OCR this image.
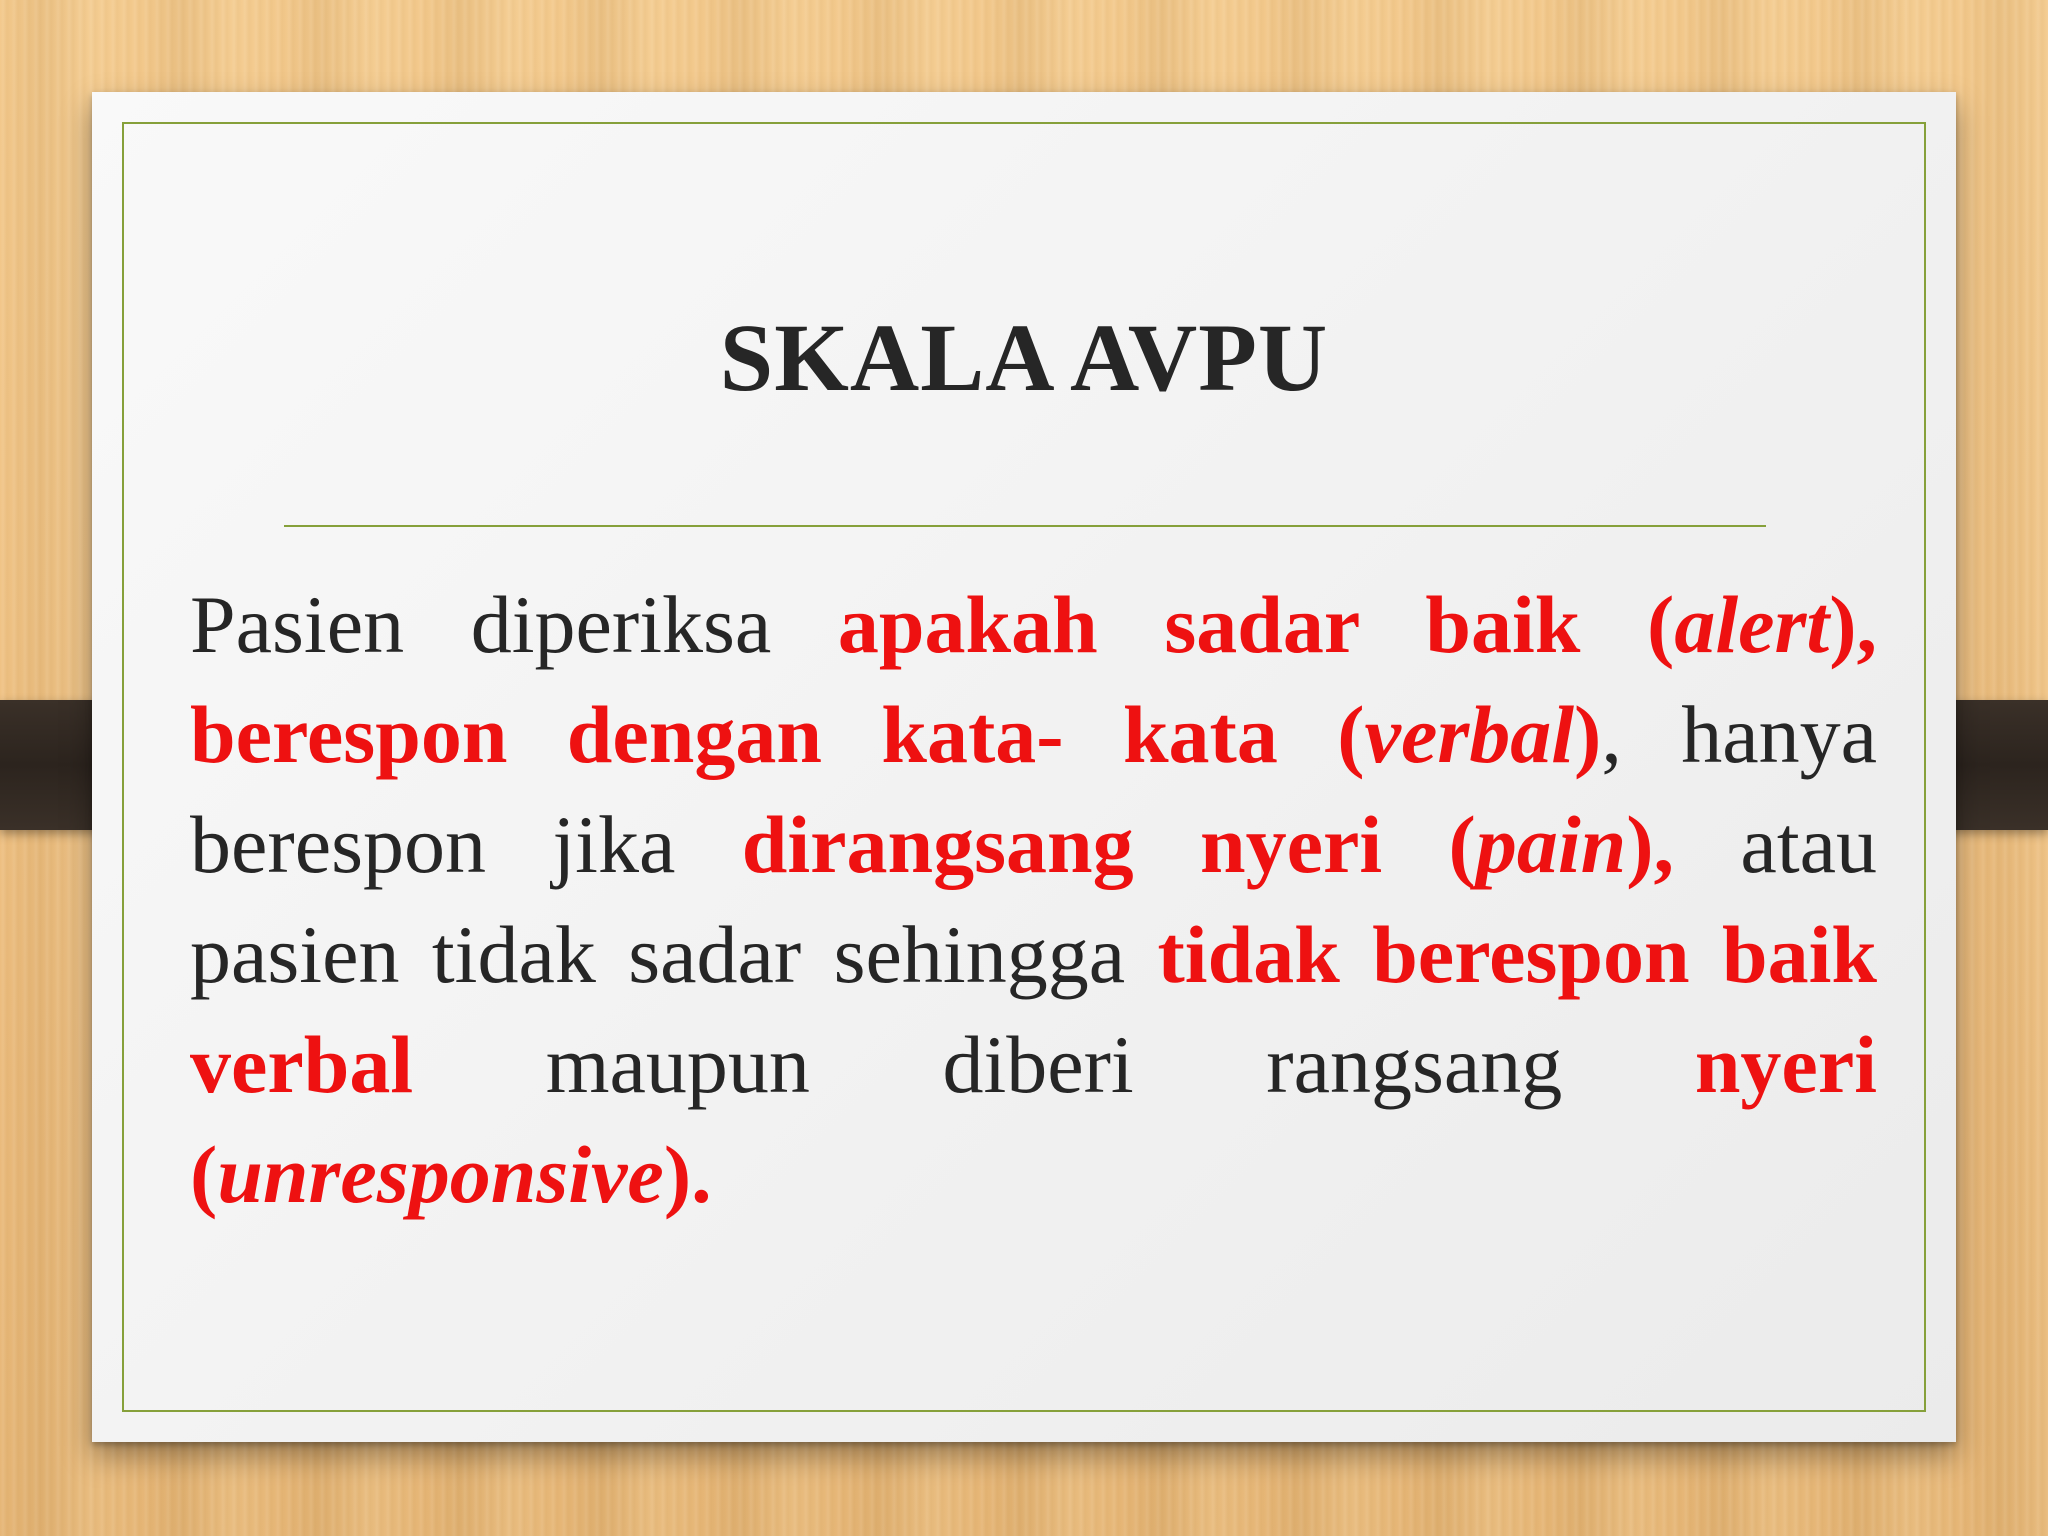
SKALA AVPU

Pasien diperiksa apakah sadar baik (alert), berespon dengan kata- kata (verbal), hanya berespon jika dirangsang nyeri (pain), atau pasien tidak sadar sehingga tidak berespon baik verbal maupun diberi rangsang nyeri (unresponsive).
